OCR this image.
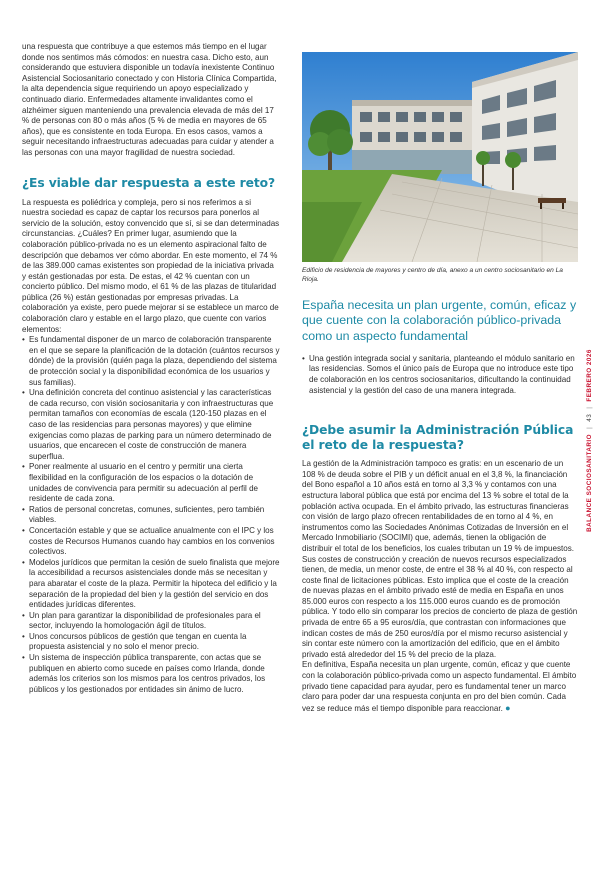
una respuesta que contribuye a que estemos más tiempo en el lugar donde nos sentimos más cómodos: en nuestra casa. Dicho esto, aun considerando que estuviera disponible un todavía inexistente Continuo Asistencial Sociosanitario conectado y con Historia Clínica Compartida, la alta dependencia sigue requiriendo un apoyo especializado y continuado diario. Enfermedades altamente invalidantes como el alzhéimer siguen manteniendo una prevalencia elevada de más del 17 % de personas con 80 o más años (5 % de media en mayores de 65 años), que es consistente en toda Europa. En esos casos, vamos a seguir necesitando infraestructuras adecuadas para cuidar y atender a las personas con una mayor fragilidad de nuestra sociedad.

¿Es viable dar respuesta a este reto?

La respuesta es poliédrica y compleja, pero si nos referimos a si nuestra sociedad es capaz de captar los recursos para ponerlos al servicio de la solución, estoy convencido que sí, si se dan determinadas circunstancias. ¿Cuáles? En primer lugar, asumiendo que la colaboración público-privada no es un elemento aspiracional falto de descripción que debamos ver cómo abordar. En este momento, el 74 % de las 389.000 camas existentes son propiedad de la iniciativa privada y están gestionadas por esta. De estas, el 42 % cuentan con un concierto público. Del mismo modo, el 61 % de las plazas de titularidad pública (26 %) están gestionadas por empresas privadas. La colaboración ya existe, pero puede mejorar si se establece un marco de colaboración claro y estable en el largo plazo, que cuente con varios elementos:

• Es fundamental disponer de un marco de colaboración transparente en el que se separe la planificación de la dotación (cuántos recursos y dónde) de la provisión (quién paga la plaza, dependiendo del sistema de protección social y la disponibilidad económica de los usuarios y sus familias).
• Una definición concreta del continuo asistencial y las características de cada recurso, con visión sociosanitaria y con infraestructuras que permitan tamaños con economías de escala (120-150 plazas en el caso de las residencias para personas mayores) y que elimine exigencias como plazas de parking para un número determinado de usuarios, que encarecen el coste de construcción de manera superflua.
• Poner realmente al usuario en el centro y permitir una cierta flexibilidad en la configuración de los espacios o la dotación de unidades de convivencia para permitir su adecuación al perfil de residente de cada zona.
• Ratios de personal concretas, comunes, suficientes, pero también viables.
• Concertación estable y que se actualice anualmente con el IPC y los costes de Recursos Humanos cuando hay cambios en los convenios colectivos.
• Modelos jurídicos que permitan la cesión de suelo finalista que mejore la accesibilidad a recursos asistenciales donde más se necesitan y para abaratar el coste de la plaza. Permitir la hipoteca del edificio y la separación de la propiedad del bien y la gestión del servicio en dos entidades jurídicas diferentes.
• Un plan para garantizar la disponibilidad de profesionales para el sector, incluyendo la homologación ágil de títulos.
• Unos concursos públicos de gestión que tengan en cuenta la propuesta asistencial y no solo el menor precio.
• Un sistema de inspección pública transparente, con actas que se publiquen en abierto como sucede en países como Irlanda, donde además los criterios son los mismos para los centros privados, los públicos y los gestionados por entidades sin ánimo de lucro.

Edificio de residencia de mayores y centro de día, anexo a un centro sociosanitario en La Rioja.

España necesita un plan urgente, común, eficaz y que cuente con la colaboración público-privada como un aspecto fundamental

• Una gestión integrada social y sanitaria, planteando el módulo sanitario en las residencias. Somos el único país de Europa que no introduce este tipo de colaboración en los centros sociosanitarios, dificultando la continuidad asistencial y la gestión del caso de una manera integrada.
¿Debe asumir la Administración Pública el reto de la respuesta?

La gestión de la Administración tampoco es gratis: en un escenario de un 108 % de deuda sobre el PIB y un déficit anual en el 3,8 %, la financiación del Bono español a 10 años está en torno al 3,3 % y contamos con una estructura laboral pública que está por encima del 13 % sobre el total de la población activa ocupada. En el ámbito privado, las estructuras financieras con visión de largo plazo ofrecen rentabilidades de en torno al 4 %, en instrumentos como las Sociedades Anónimas Cotizadas de Inversión en el Mercado Inmobiliario (SOCIMI) que, además, tienen la obligación de distribuir el total de los beneficios, los cuales tributan un 19 % de impuestos. Sus costes de construcción y creación de nuevos recursos especializados tienen, de media, un menor coste, de entre el 38 % al 40 %, con respecto al coste final de licitaciones públicas. Esto implica que el coste de la creación de nuevas plazas en el ámbito privado esté de media en España en unos 85.000 euros con respecto a los 115.000 euros cuando es de promoción pública. Y todo ello sin comparar los precios de concierto de plaza de gestión privada de entre 65 a 95 euros/día, que contrastan con informaciones que indican costes de más de 250 euros/día por el mismo recurso asistencial y sin contar este número con la amortización del edificio, que en el ámbito privado está alrededor del 15 % del precio de la plaza.

En definitiva, España necesita un plan urgente, común, eficaz y que cuente con la colaboración público-privada como un aspecto fundamental. El ámbito privado tiene capacidad para ayudar, pero es fundamental tener un marco claro para poder dar una respuesta conjunta en pro del bien común. Cada vez se reduce más el tiempo disponible para reaccionar. ●

BALANCE SOCIOSANITARIO
|
43
|
FEBRERO 2026
